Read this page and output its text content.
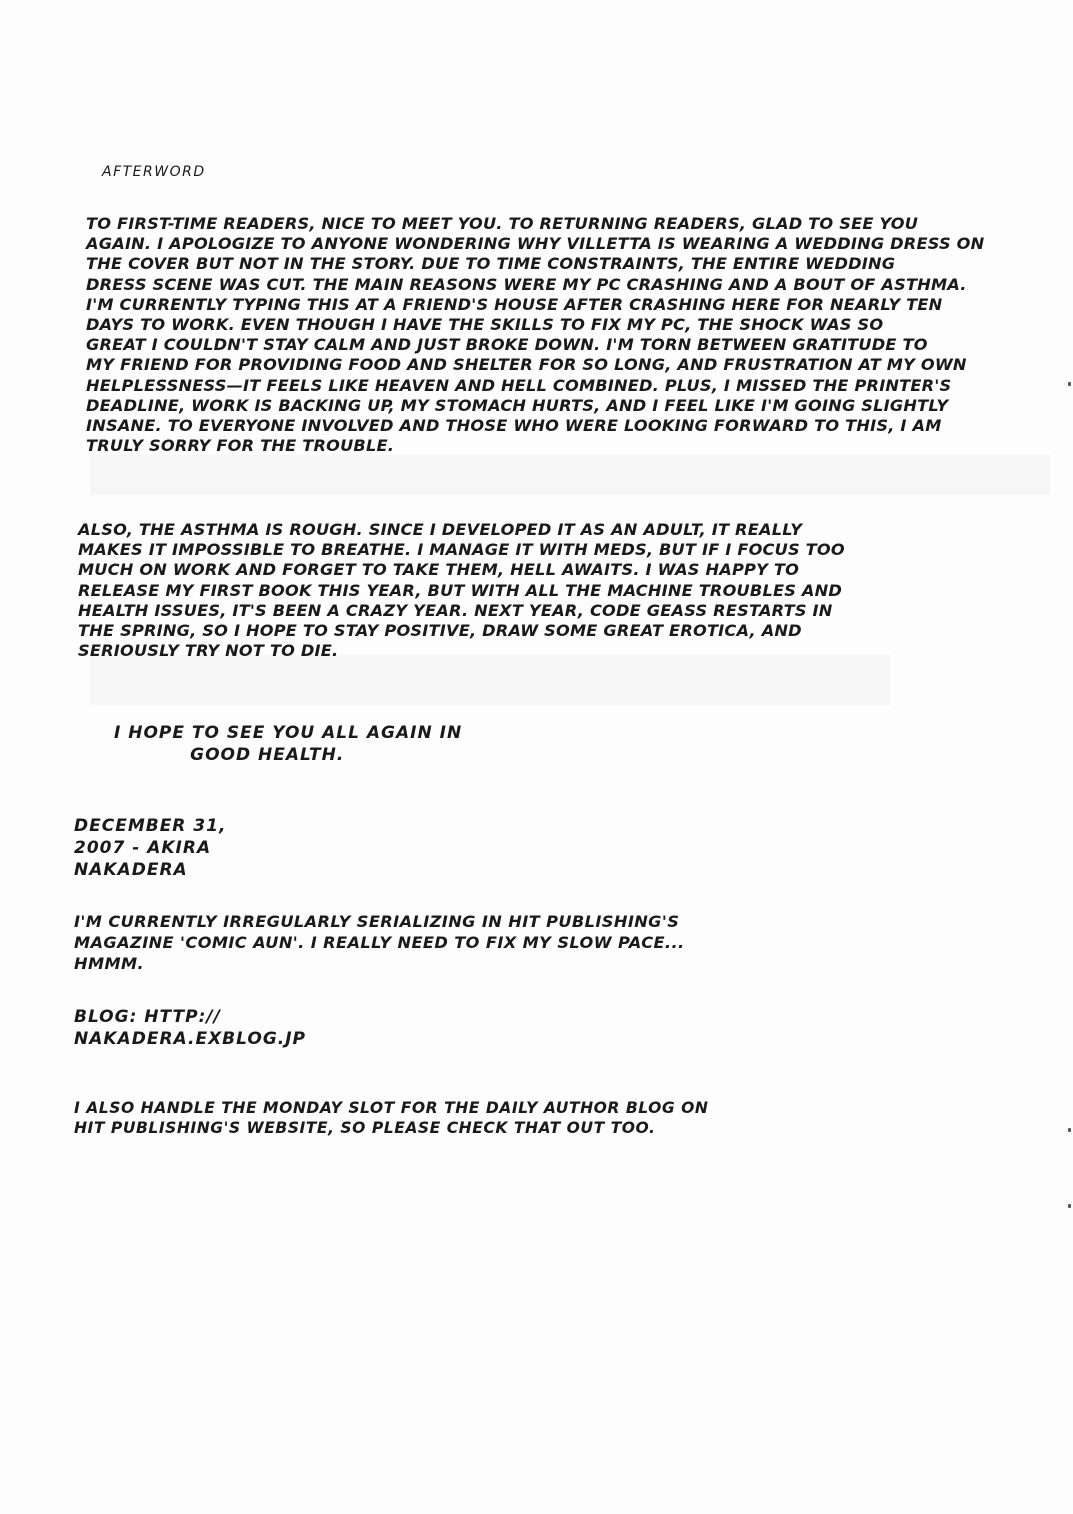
AFTERWORD

TO FIRST-TIME READERS, NICE TO MEET YOU. TO RETURNING READERS, GLAD TO SEE YOU
AGAIN. I APOLOGIZE TO ANYONE WONDERING WHY VILLETTA IS WEARING A WEDDING DRESS ON
THE COVER BUT NOT IN THE STORY. DUE TO TIME CONSTRAINTS, THE ENTIRE WEDDING
DRESS SCENE WAS CUT. THE MAIN REASONS WERE MY PC CRASHING AND A BOUT OF ASTHMA.
I'M CURRENTLY TYPING THIS AT A FRIEND'S HOUSE AFTER CRASHING HERE FOR NEARLY TEN
DAYS TO WORK. EVEN THOUGH I HAVE THE SKILLS TO FIX MY PC, THE SHOCK WAS SO
GREAT I COULDN'T STAY CALM AND JUST BROKE DOWN. I'M TORN BETWEEN GRATITUDE TO
MY FRIEND FOR PROVIDING FOOD AND SHELTER FOR SO LONG, AND FRUSTRATION AT MY OWN
HELPLESSNESS—IT FEELS LIKE HEAVEN AND HELL COMBINED. PLUS, I MISSED THE PRINTER'S
DEADLINE, WORK IS BACKING UP, MY STOMACH HURTS, AND I FEEL LIKE I'M GOING SLIGHTLY
INSANE. TO EVERYONE INVOLVED AND THOSE WHO WERE LOOKING FORWARD TO THIS, I AM
TRULY SORRY FOR THE TROUBLE.

ALSO, THE ASTHMA IS ROUGH. SINCE I DEVELOPED IT AS AN ADULT, IT REALLY
MAKES IT IMPOSSIBLE TO BREATHE. I MANAGE IT WITH MEDS, BUT IF I FOCUS TOO
MUCH ON WORK AND FORGET TO TAKE THEM, HELL AWAITS. I WAS HAPPY TO
RELEASE MY FIRST BOOK THIS YEAR, BUT WITH ALL THE MACHINE TROUBLES AND
HEALTH ISSUES, IT'S BEEN A CRAZY YEAR. NEXT YEAR, CODE GEASS RESTARTS IN
THE SPRING, SO I HOPE TO STAY POSITIVE, DRAW SOME GREAT EROTICA, AND
SERIOUSLY TRY NOT TO DIE.

I HOPE TO SEE YOU ALL AGAIN IN
GOOD HEALTH.

DECEMBER 31,
2007 - AKIRA
NAKADERA

I'M CURRENTLY IRREGULARLY SERIALIZING IN HIT PUBLISHING'S
MAGAZINE 'COMIC AUN'. I REALLY NEED TO FIX MY SLOW PACE...
HMMM.

BLOG: HTTP://
NAKADERA.EXBLOG.JP

I ALSO HANDLE THE MONDAY SLOT FOR THE DAILY AUTHOR BLOG ON
HIT PUBLISHING'S WEBSITE, SO PLEASE CHECK THAT OUT TOO.
